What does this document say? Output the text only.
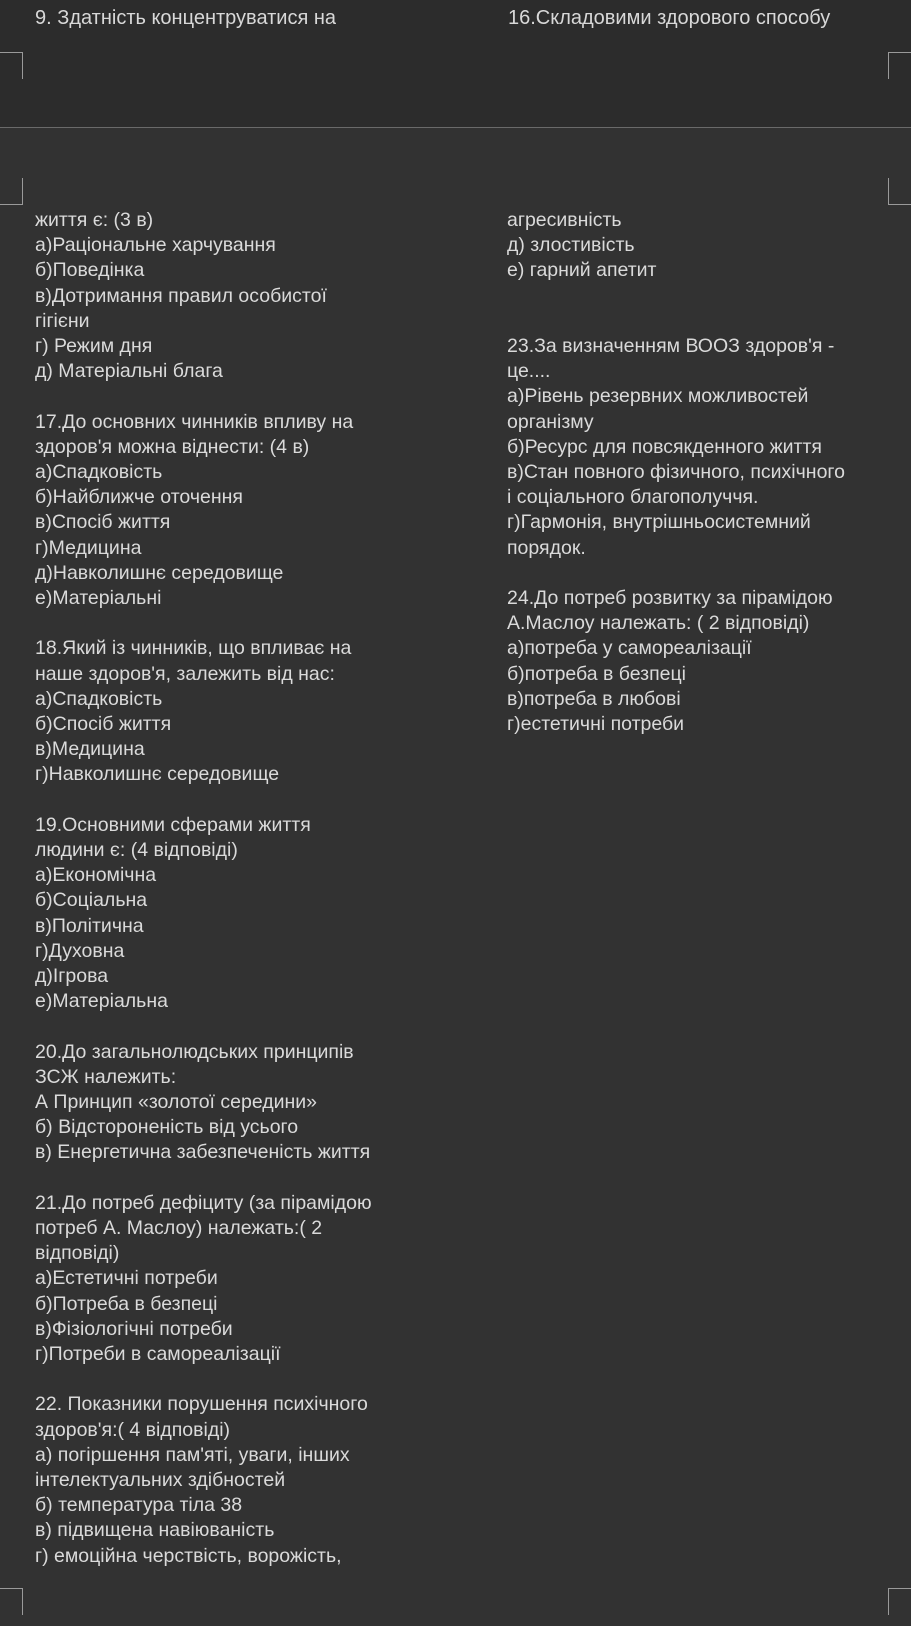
9. Здатність концентруватися на	16.Складовими здорового способу
життя є: (3 в)
а)Раціональне харчування
б)Поведінка
в)Дотримання правил особистої
гігієни
г) Режим дня
д) Матеріальні блага
17.До основних чинників впливу на
здоров'я можна віднести: (4 в)
а)Спадковість
б)Найближче оточення
в)Спосіб життя
г)Медицина
д)Навколишнє середовище
е)Матеріальні
18.Який із чинників, що впливає на
наше здоров'я, залежить від нас:
а)Спадковість
б)Спосіб життя
в)Медицина
г)Навколишнє середовище
19.Основними сферами життя
людини є: (4 відповіді)
а)Економічна
б)Соціальна
в)Політична
г)Духовна
д)Ігрова
е)Матеріальна
20.До загальнолюдських принципів
ЗСЖ належить:
А Принцип «золотої середини»
б) Відстороненість від усього
в) Енергетична забезпеченість життя
21.До потреб дефіциту (за пірамідою
потреб А. Маслоу) належать:( 2
відповіді)
а)Естетичні потреби
б)Потреба в безпеці
в)Фізіологічні потреби
г)Потреби в самореалізації
22. Показники порушення психічного
здоров'я:( 4 відповіді)
а) погіршення пам'яті, уваги, інших
інтелектуальних здібностей
б) температура тіла 38
в) підвищена навіюваність
г) емоційна черствість, ворожість,
агресивність
д) злостивість
е) гарний апетит
23.За визначенням ВООЗ здоров'я -
це....
а)Рівень резервних можливостей
організму
б)Ресурс для повсякденного життя
в)Стан повного фізичного, психічного
і соціального благополуччя.
г)Гармонія, внутрішньосистемний
порядок.
24.До потреб розвитку за пірамідою
А.Маслоу належать: ( 2 відповіді)
а)потреба у самореалізації
б)потреба в безпеці
в)потреба в любові
г)естетичні потреби
